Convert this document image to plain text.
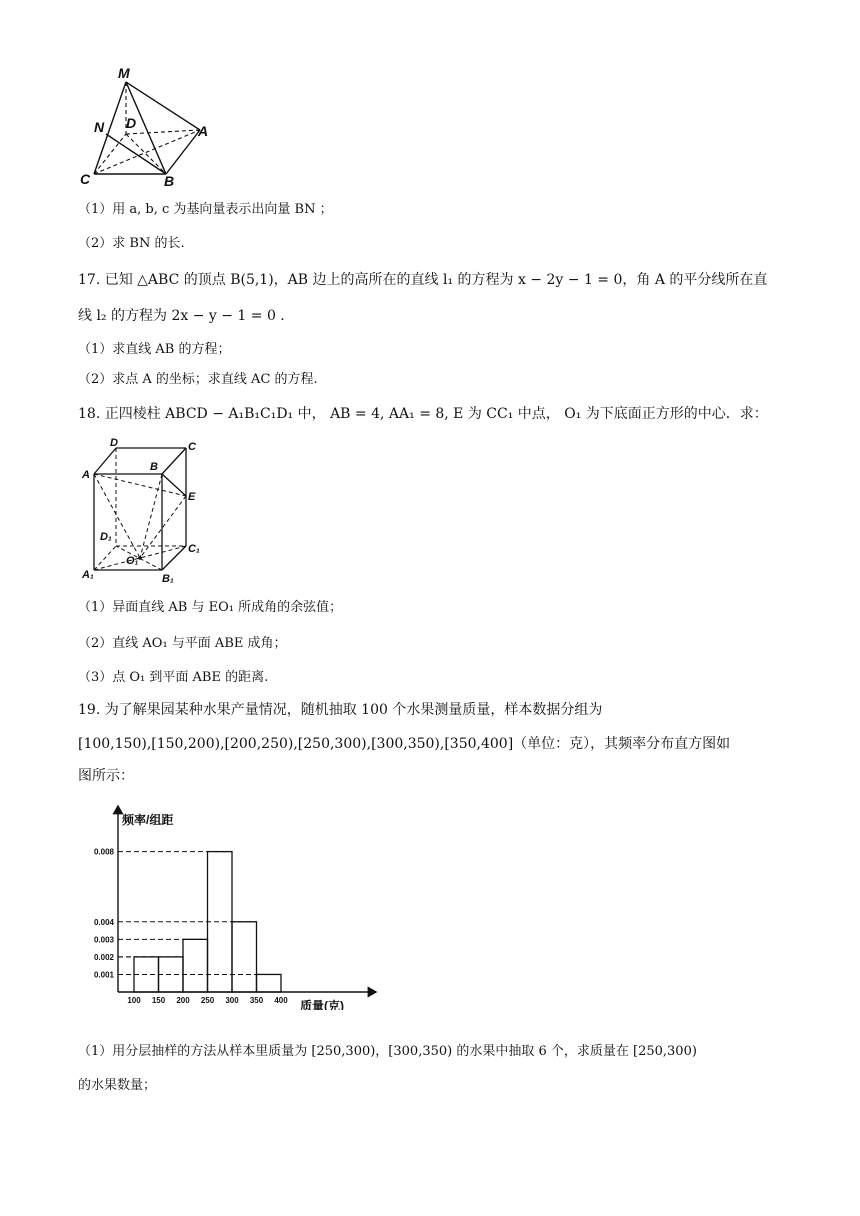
M
N D	A
C	B
（1）用 a, b, c 为基向量表示出向量 BN ；
（2）求 BN 的长.
17. 已知 △ABC 的顶点 B(5,1)，AB 边上的高所在的直线 l₁ 的方程为 x − 2y − 1 = 0，角 A 的平分线所在直
线 l₂ 的方程为 2x − y − 1 = 0 .
（1）求直线 AB 的方程；
（2）求点 A 的坐标；求直线 AC 的方程.
18. 正四棱柱 ABCD − A₁B₁C₁D₁ 中， AB = 4, AA₁ = 8, E 为 CC₁ 中点， O₁ 为下底面正方形的中心．求：
D	C
A
B
E
D₁
C₁
O₁
A₁	B₁
（1）异面直线 AB 与 EO₁ 所成角的余弦值；
（2）直线 AO₁ 与平面 ABE 成角；
（3）点 O₁ 到平面 ABE 的距离.
19. 为了解果园某种水果产量情况，随机抽取 100 个水果测量质量，样本数据分组为
[100,150),[150,200),[200,250),[250,300),[300,350),[350,400]（单位：克），其频率分布直方图如
图所示：
频率/组距
质量(克)
0.001
0.002
0.003
0.004
0.008
100 150 200 250 300 350 400
（1）用分层抽样的方法从样本里质量为 [250,300)，[300,350) 的水果中抽取 6 个，求质量在 [250,300)
的水果数量；
